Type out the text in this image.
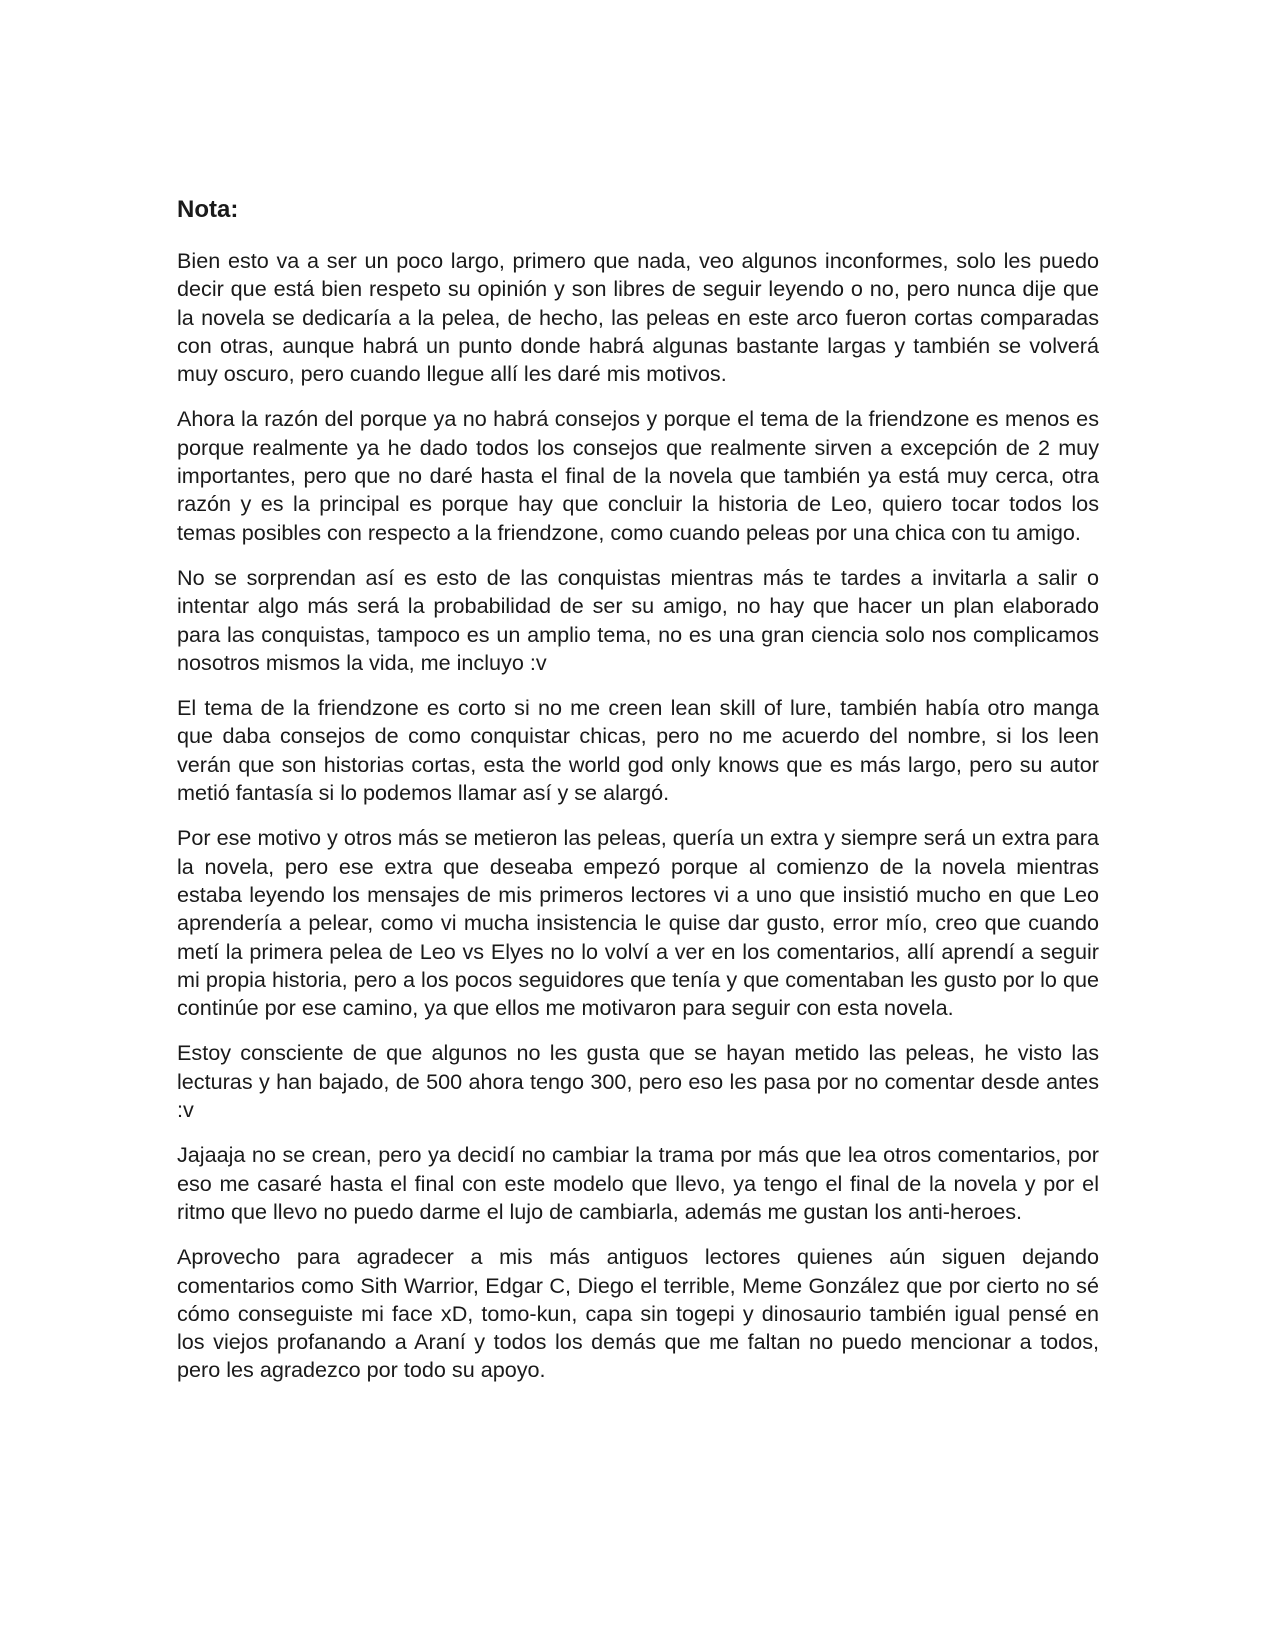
Nota:

Bien esto va a ser un poco largo, primero que nada, veo algunos inconformes, solo les puedo decir que está bien respeto su opinión y son libres de seguir leyendo o no, pero nunca dije que la novela se dedicaría a la pelea, de hecho, las peleas en este arco fueron cortas comparadas con otras, aunque habrá un punto donde habrá algunas bastante largas y también se volverá muy oscuro, pero cuando llegue allí les daré mis motivos.

Ahora la razón del porque ya no habrá consejos y porque el tema de la friendzone es menos es porque realmente ya he dado todos los consejos que realmente sirven a excepción de 2 muy importantes, pero que no daré hasta el final de la novela que también ya está muy cerca, otra razón y es la principal es porque hay que concluir la historia de Leo, quiero tocar todos los temas posibles con respecto a la friendzone, como cuando peleas por una chica con tu amigo.

No se sorprendan así es esto de las conquistas mientras más te tardes a invitarla a salir o intentar algo más será la probabilidad de ser su amigo, no hay que hacer un plan elaborado para las conquistas, tampoco es un amplio tema, no es una gran ciencia solo nos complicamos nosotros mismos la vida, me incluyo :v

El tema de la friendzone es corto si no me creen lean skill of lure, también había otro manga que daba consejos de como conquistar chicas, pero no me acuerdo del nombre, si los leen verán que son historias cortas, esta the world god only knows que es más largo, pero su autor metió fantasía si lo podemos llamar así y se alargó.

Por ese motivo y otros más se metieron las peleas, quería un extra y siempre será un extra para la novela, pero ese extra que deseaba empezó porque al comienzo de la novela mientras estaba leyendo los mensajes de mis primeros lectores vi a uno que insistió mucho en que Leo aprendería a pelear, como vi mucha insistencia le quise dar gusto, error mío, creo que cuando metí la primera pelea de Leo vs Elyes no lo volví a ver en los comentarios, allí aprendí a seguir mi propia historia, pero a los pocos seguidores que tenía y que comentaban les gusto por lo que continúe por ese camino, ya que ellos me motivaron para seguir con esta novela.

Estoy consciente de que algunos no les gusta que se hayan metido las peleas, he visto las lecturas y han bajado, de 500 ahora tengo 300, pero eso les pasa por no comentar desde antes :v

Jajaaja no se crean, pero ya decidí no cambiar la trama por más que lea otros comentarios, por eso me casaré hasta el final con este modelo que llevo, ya tengo el final de la novela y por el ritmo que llevo no puedo darme el lujo de cambiarla, además me gustan los anti-heroes.

Aprovecho para agradecer a mis más antiguos lectores quienes aún siguen dejando comentarios como Sith Warrior, Edgar C, Diego el terrible, Meme González que por cierto no sé cómo conseguiste mi face xD, tomo-kun, capa sin togepi y dinosaurio también igual pensé en los viejos profanando a Araní y todos los demás que me faltan no puedo mencionar a todos, pero les agradezco por todo su apoyo.
